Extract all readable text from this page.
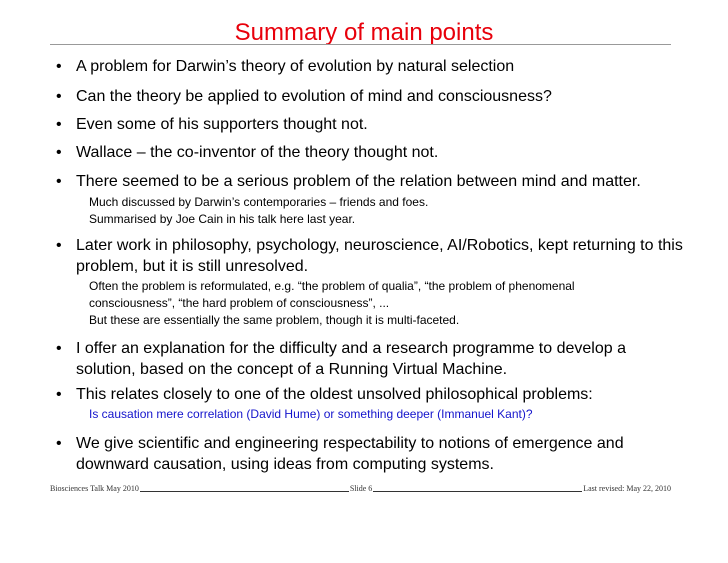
Summary of main points
• A problem for Darwin’s theory of evolution by natural selection
• Can the theory be applied to evolution of mind and consciousness?
• Even some of his supporters thought not.
• Wallace – the co-inventor of the theory thought not.
• There seemed to be a serious problem of the relation between mind and matter.
Much discussed by Darwin’s contemporaries – friends and foes.
Summarised by Joe Cain in his talk here last year.
• Later work in philosophy, psychology, neuroscience, AI/Robotics, kept returning to this
problem, but it is still unresolved.
Often the problem is reformulated, e.g. “the problem of qualia”, “the problem of phenomenal
consciousness”, “the hard problem of consciousness”, ...
But these are essentially the same problem, though it is multi-faceted.
• I offer an explanation for the difficulty and a research programme to develop a
solution, based on the concept of a Running Virtual Machine.
• This relates closely to one of the oldest unsolved philosophical problems:
Is causation mere correlation (David Hume) or something deeper (Immanuel Kant)?
• We give scientific and engineering respectability to notions of emergence and
downward causation, using ideas from computing systems.
Biosciences Talk May 2010	Slide 6	Last revised: May 22, 2010
